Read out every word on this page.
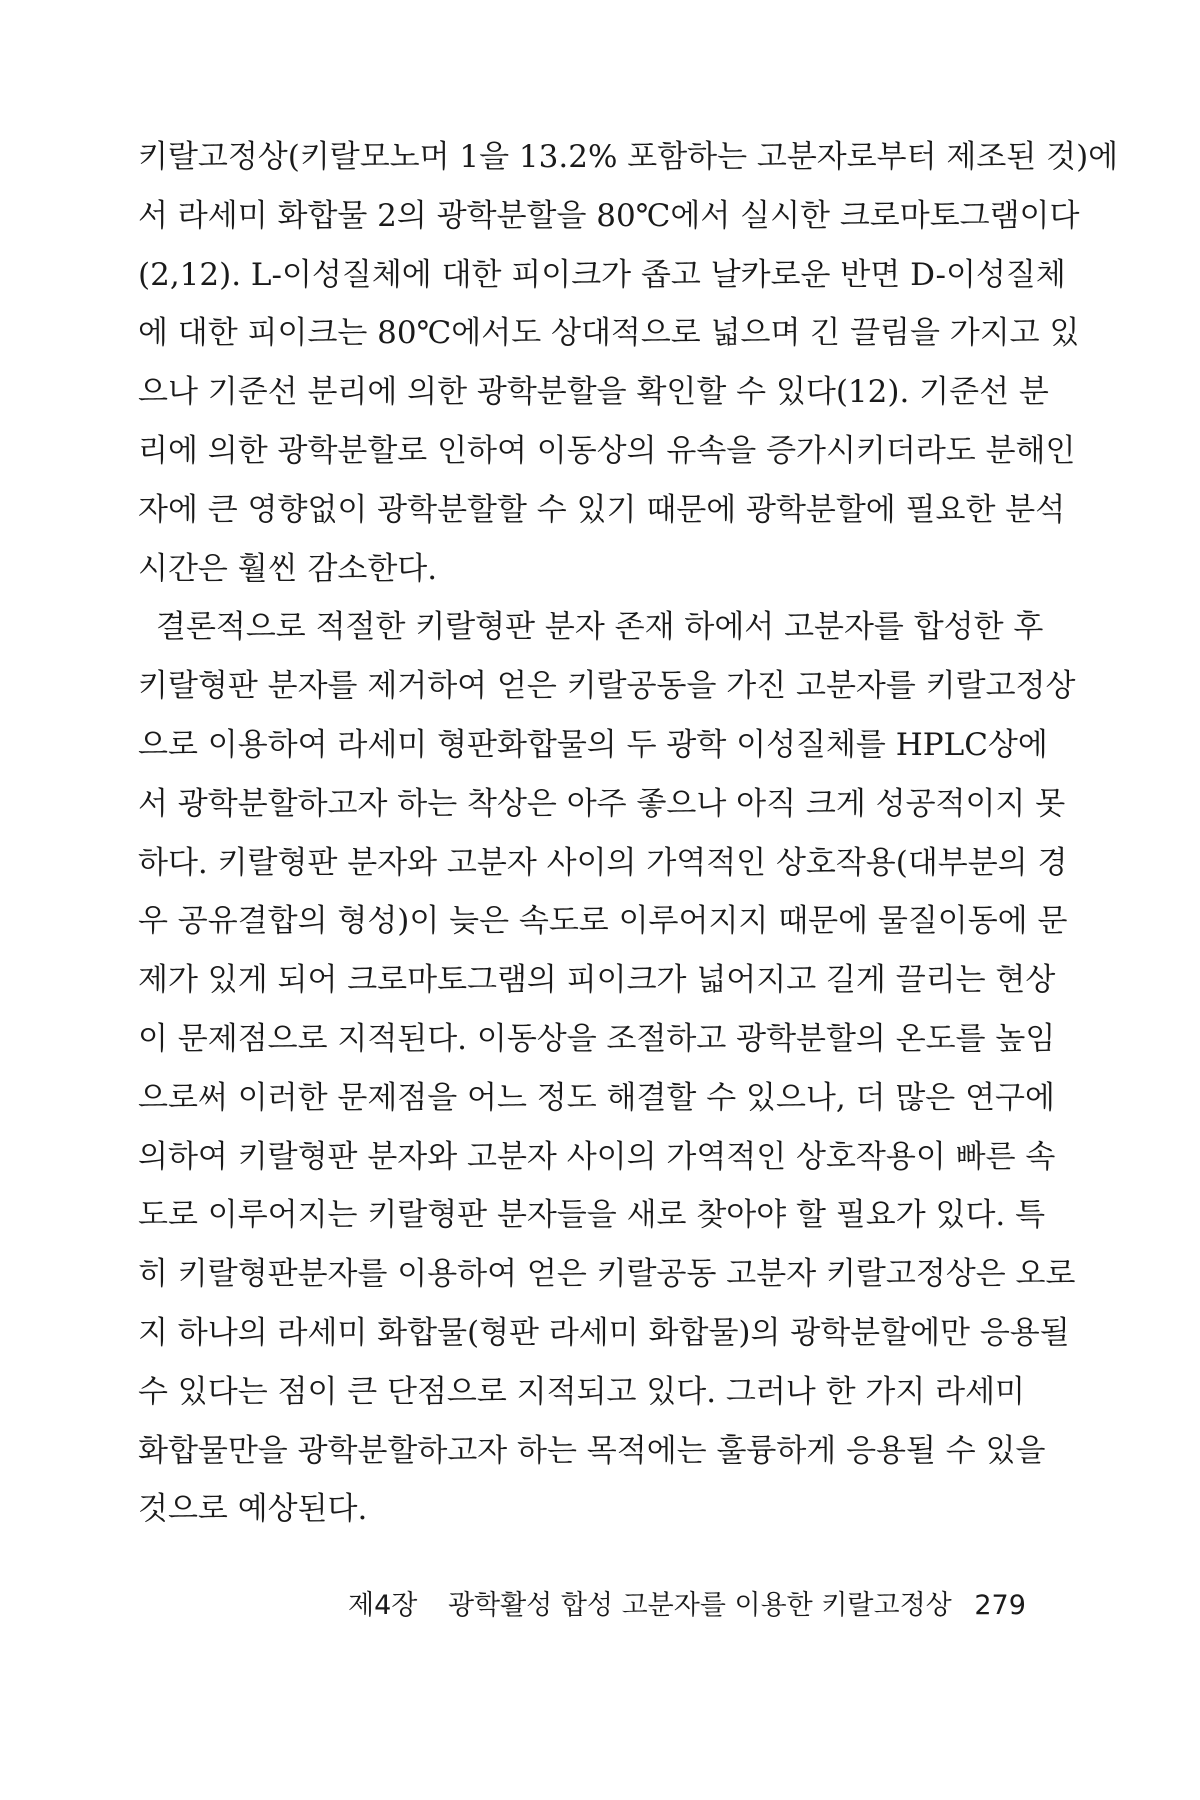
키랄고정상(키랄모노머 1을 13.2% 포함하는 고분자로부터 제조된 것)에
서 라세미 화합물 2의 광학분할을 80℃에서 실시한 크로마토그램이다
(2,12). L-이성질체에 대한 피이크가 좁고 날카로운 반면 D-이성질체
에 대한 피이크는 80℃에서도 상대적으로 넓으며 긴 끌림을 가지고 있
으나 기준선 분리에 의한 광학분할을 확인할 수 있다(12). 기준선 분
리에 의한 광학분할로 인하여 이동상의 유속을 증가시키더라도 분해인
자에 큰 영향없이 광학분할할 수 있기 때문에 광학분할에 필요한 분석
시간은 훨씬 감소한다.
결론적으로 적절한 키랄형판 분자 존재 하에서 고분자를 합성한 후
키랄형판 분자를 제거하여 얻은 키랄공동을 가진 고분자를 키랄고정상
으로 이용하여 라세미 형판화합물의 두 광학 이성질체를 HPLC상에
서 광학분할하고자 하는 착상은 아주 좋으나 아직 크게 성공적이지 못
하다. 키랄형판 분자와 고분자 사이의 가역적인 상호작용(대부분의 경
우 공유결합의 형성)이 늦은 속도로 이루어지지 때문에 물질이동에 문
제가 있게 되어 크로마토그램의 피이크가 넓어지고 길게 끌리는 현상
이 문제점으로 지적된다. 이동상을 조절하고 광학분할의 온도를 높임
으로써 이러한 문제점을 어느 정도 해결할 수 있으나, 더 많은 연구에
의하여 키랄형판 분자와 고분자 사이의 가역적인 상호작용이 빠른 속
도로 이루어지는 키랄형판 분자들을 새로 찾아야 할 필요가 있다. 특
히 키랄형판분자를 이용하여 얻은 키랄공동 고분자 키랄고정상은 오로
지 하나의 라세미 화합물(형판 라세미 화합물)의 광학분할에만 응용될
수 있다는 점이 큰 단점으로 지적되고 있다. 그러나 한 가지 라세미
화합물만을 광학분할하고자 하는 목적에는 훌륭하게 응용될 수 있을
것으로 예상된다.
제4장 광학활성 합성 고분자를 이용한 키랄고정상 279
